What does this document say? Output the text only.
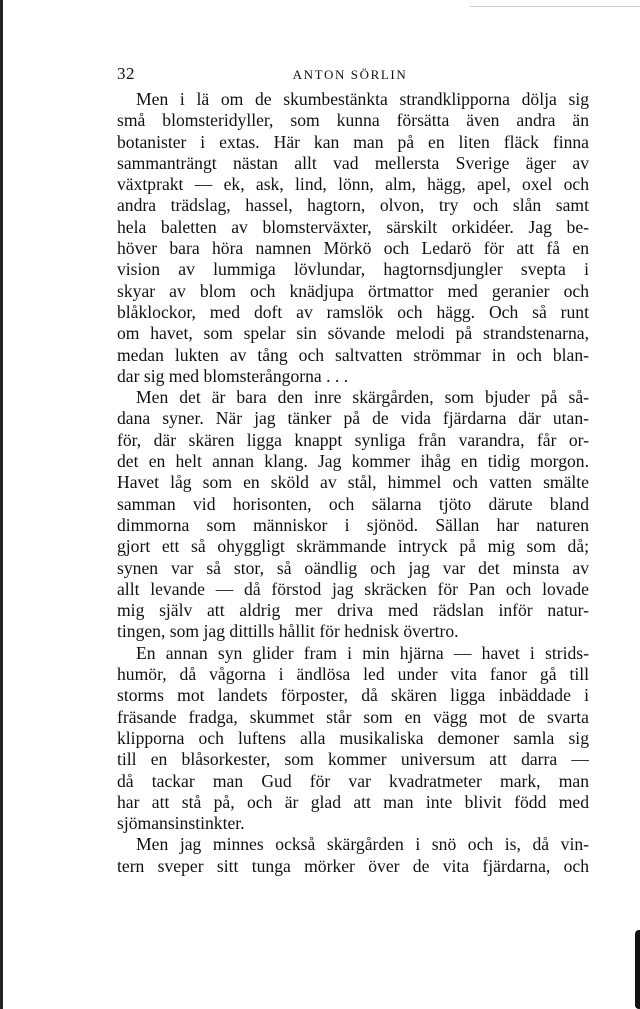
32	ANTON SÖRLIN
Men i lä om de skumbestänkta strandklipporna dölja sig
små blomsteridyller, som kunna försätta även andra än
botanister i extas. Här kan man på en liten fläck finna
sammanträngt nästan allt vad mellersta Sverige äger av
växtprakt — ek, ask, lind, lönn, alm, hägg, apel, oxel och
andra trädslag, hassel, hagtorn, olvon, try och slån samt
hela baletten av blomsterväxter, särskilt orkidéer. Jag be-
höver bara höra namnen Mörkö och Ledarö för att få en
vision av lummiga lövlundar, hagtornsdjungler svepta i
skyar av blom och knädjupa örtmattor med geranier och
blåklockor, med doft av ramslök och hägg. Och så runt
om havet, som spelar sin sövande melodi på strandstenarna,
medan lukten av tång och saltvatten strömmar in och blan-
dar sig med blomsterångorna . . .
Men det är bara den inre skärgården, som bjuder på så-
dana syner. När jag tänker på de vida fjärdarna där utan-
för, där skären ligga knappt synliga från varandra, får or-
det en helt annan klang. Jag kommer ihåg en tidig morgon.
Havet låg som en sköld av stål, himmel och vatten smälte
samman vid horisonten, och sälarna tjöto därute bland
dimmorna som människor i sjönöd. Sällan har naturen
gjort ett så ohyggligt skrämmande intryck på mig som då;
synen var så stor, så oändlig och jag var det minsta av
allt levande — då förstod jag skräcken för Pan och lovade
mig själv att aldrig mer driva med rädslan inför natur-
tingen, som jag dittills hållit för hednisk övertro.
En annan syn glider fram i min hjärna — havet i strids-
humör, då vågorna i ändlösa led under vita fanor gå till
storms mot landets förposter, då skären ligga inbäddade i
fräsande fradga, skummet står som en vägg mot de svarta
klipporna och luftens alla musikaliska demoner samla sig
till en blåsorkester, som kommer universum att darra —
då tackar man Gud för var kvadratmeter mark, man
har att stå på, och är glad att man inte blivit född med
sjömansinstinkter.
Men jag minnes också skärgården i snö och is, då vin-
tern sveper sitt tunga mörker över de vita fjärdarna, och
